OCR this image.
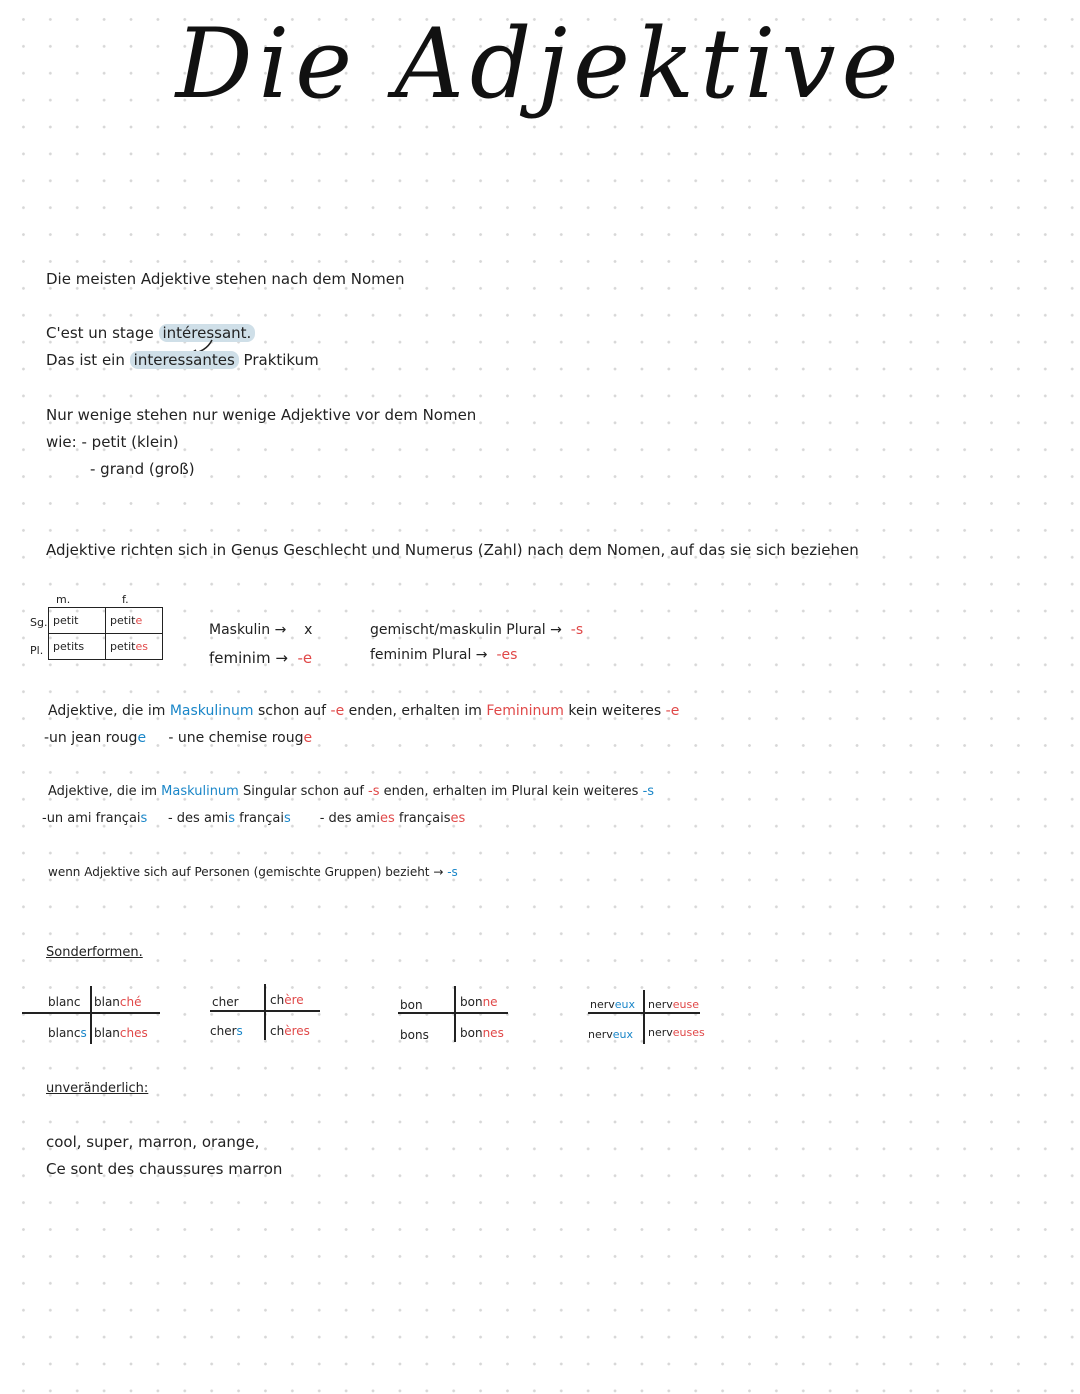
Die Adjektive
Die meisten Adjektive stehen nach dem Nomen
C'est un stage intéressant.
Das ist ein interessantes Praktikum
Nur wenige stehen nur wenige Adjektive vor dem Nomen
wie: - petit (klein)
- grand (groß)
Adjektive richten sich in Genus Geschlecht und Numerus (Zahl) nach dem Nomen, auf das sie sich beziehen
m.	f.
Sg.
Pl.
petit	petite
petits	petites
Maskulin → x
feminim → -e
gemischt/maskulin Plural → -s
feminim Plural → -es
Adjektive, die im Maskulinum schon auf -e enden, erhalten im Femininum kein weiteres -e
-un jean rouge - une chemise rouge
Adjektive, die im Maskulinum Singular schon auf -s enden, erhalten im Plural kein weiteres -s
-un ami français - des amis français - des amies françaises
wenn Adjektive sich auf Personen (gemischte Gruppen) bezieht → -s
Sonderformen.
blanc blanché
blancs blanches
cher	chère
chers chères
bon	bonne
bons	bonnes
nerveux nerveuse
nerveux nerveuses
unveränderlich:
cool, super, marron, orange,
Ce sont des chaussures marron
